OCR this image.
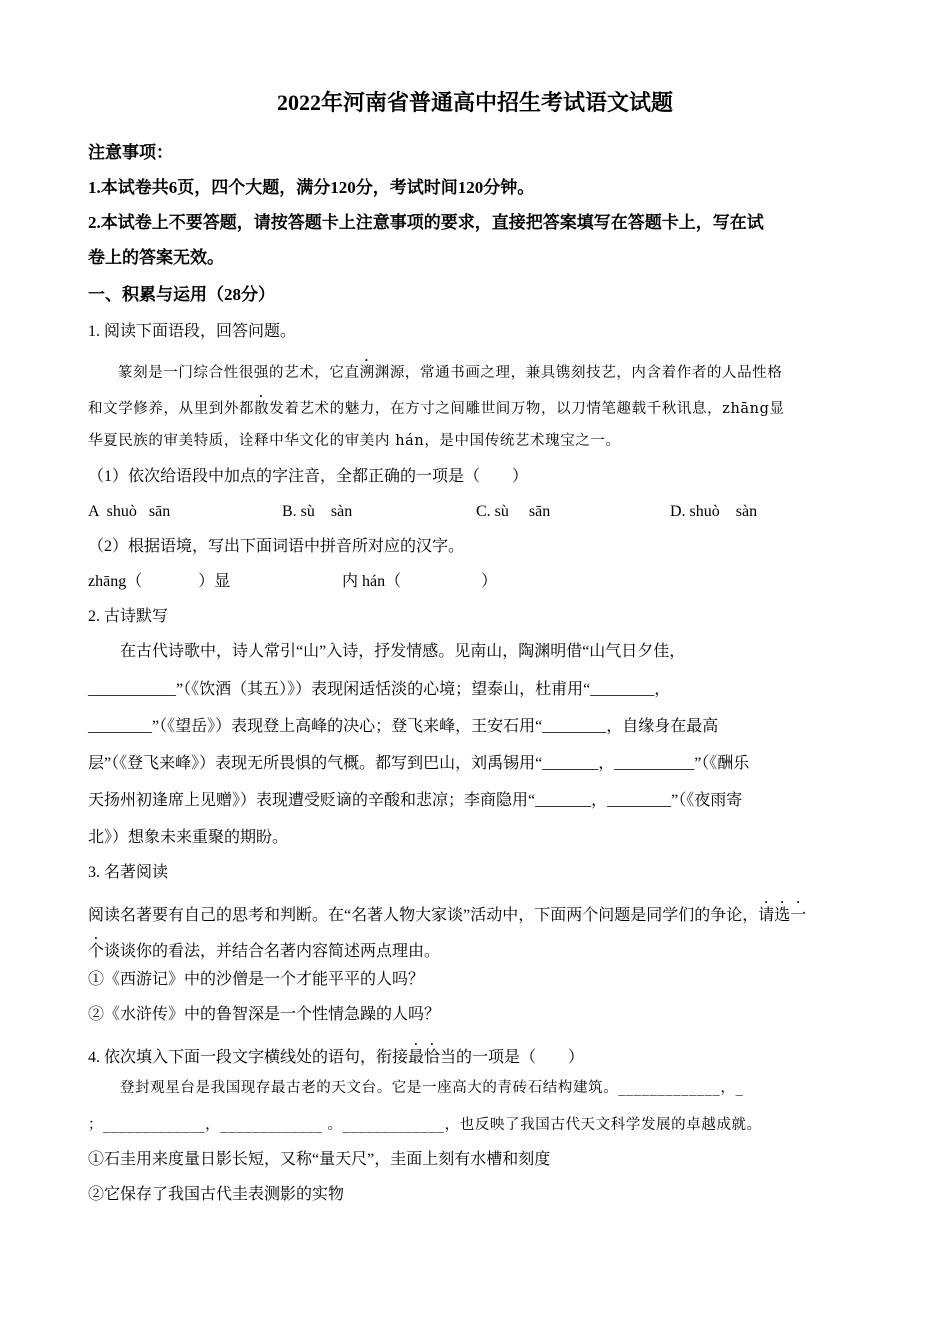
2022年河南省普通高中招生考试语文试题
注意事项：
1.本试卷共6页，四个大题，满分120分，考试时间120分钟。
2.本试卷上不要答题，请按答题卡上注意事项的要求，直接把答案填写在答题卡上，写在试
卷上的答案无效。
一、积累与运用（28分）
1. 阅读下面语段，回答问题。
篆刻是一门综合性很强的艺术，它直溯渊源，常通书画之理，兼具镌刻技艺，内含着作者的人品性格
和文学修养，从里到外都散发着艺术的魅力，在方寸之间雕世间万物，以刀情笔趣载千秋讯息，zhāng显
华夏民族的审美特质，诠释中华文化的审美内 hán，是中国传统艺术瑰宝之一。
（1）依次给语段中加点的字注音，全都正确的一项是（　　）
A  shuò   sān	B. sù    sàn	C. sù     sān	D. shuò    sàn
（2）根据语境，写出下面词语中拼音所对应的汉字。
zhāng（              ）显	内 hán（                    ）
2. 古诗默写
在古代诗歌中，诗人常引“山”入诗，抒发情感。见南山，陶渊明借“山气日夕佳，
___________”（《饮酒（其五）》）表现闲适恬淡的心境；望泰山，杜甫用“________，
________”（《望岳》）表现登上高峰的决心；登飞来峰，王安石用“________，自缘身在最高
层”（《登飞来峰》）表现无所畏惧的气概。都写到巴山，刘禹锡用“_______，__________”（《酬乐
天扬州初逢席上见赠》）表现遭受贬谪的辛酸和悲凉；李商隐用“_______，________”（《夜雨寄
北》）想象未来重聚的期盼。
3. 名著阅读
阅读名著要有自己的思考和判断。在“名著人物大家谈”活动中，下面两个问题是同学们的争论，请选一
个谈谈你的看法，并结合名著内容简述两点理由。
①《西游记》中的沙僧是一个才能平平的人吗？
②《水浒传》中的鲁智深是一个性情急躁的人吗？
4. 依次填入下面一段文字横线处的语句，衔接最恰当的一项是（　　）
登封观星台是我国现存最古老的天文台。它是一座高大的青砖石结构建筑。_____________，_
；_____________，_____________ 。_____________，也反映了我国古代天文科学发展的卓越成就。
①石圭用来度量日影长短，又称“量天尺”，圭面上刻有水槽和刻度
②它保存了我国古代圭表测影的实物
